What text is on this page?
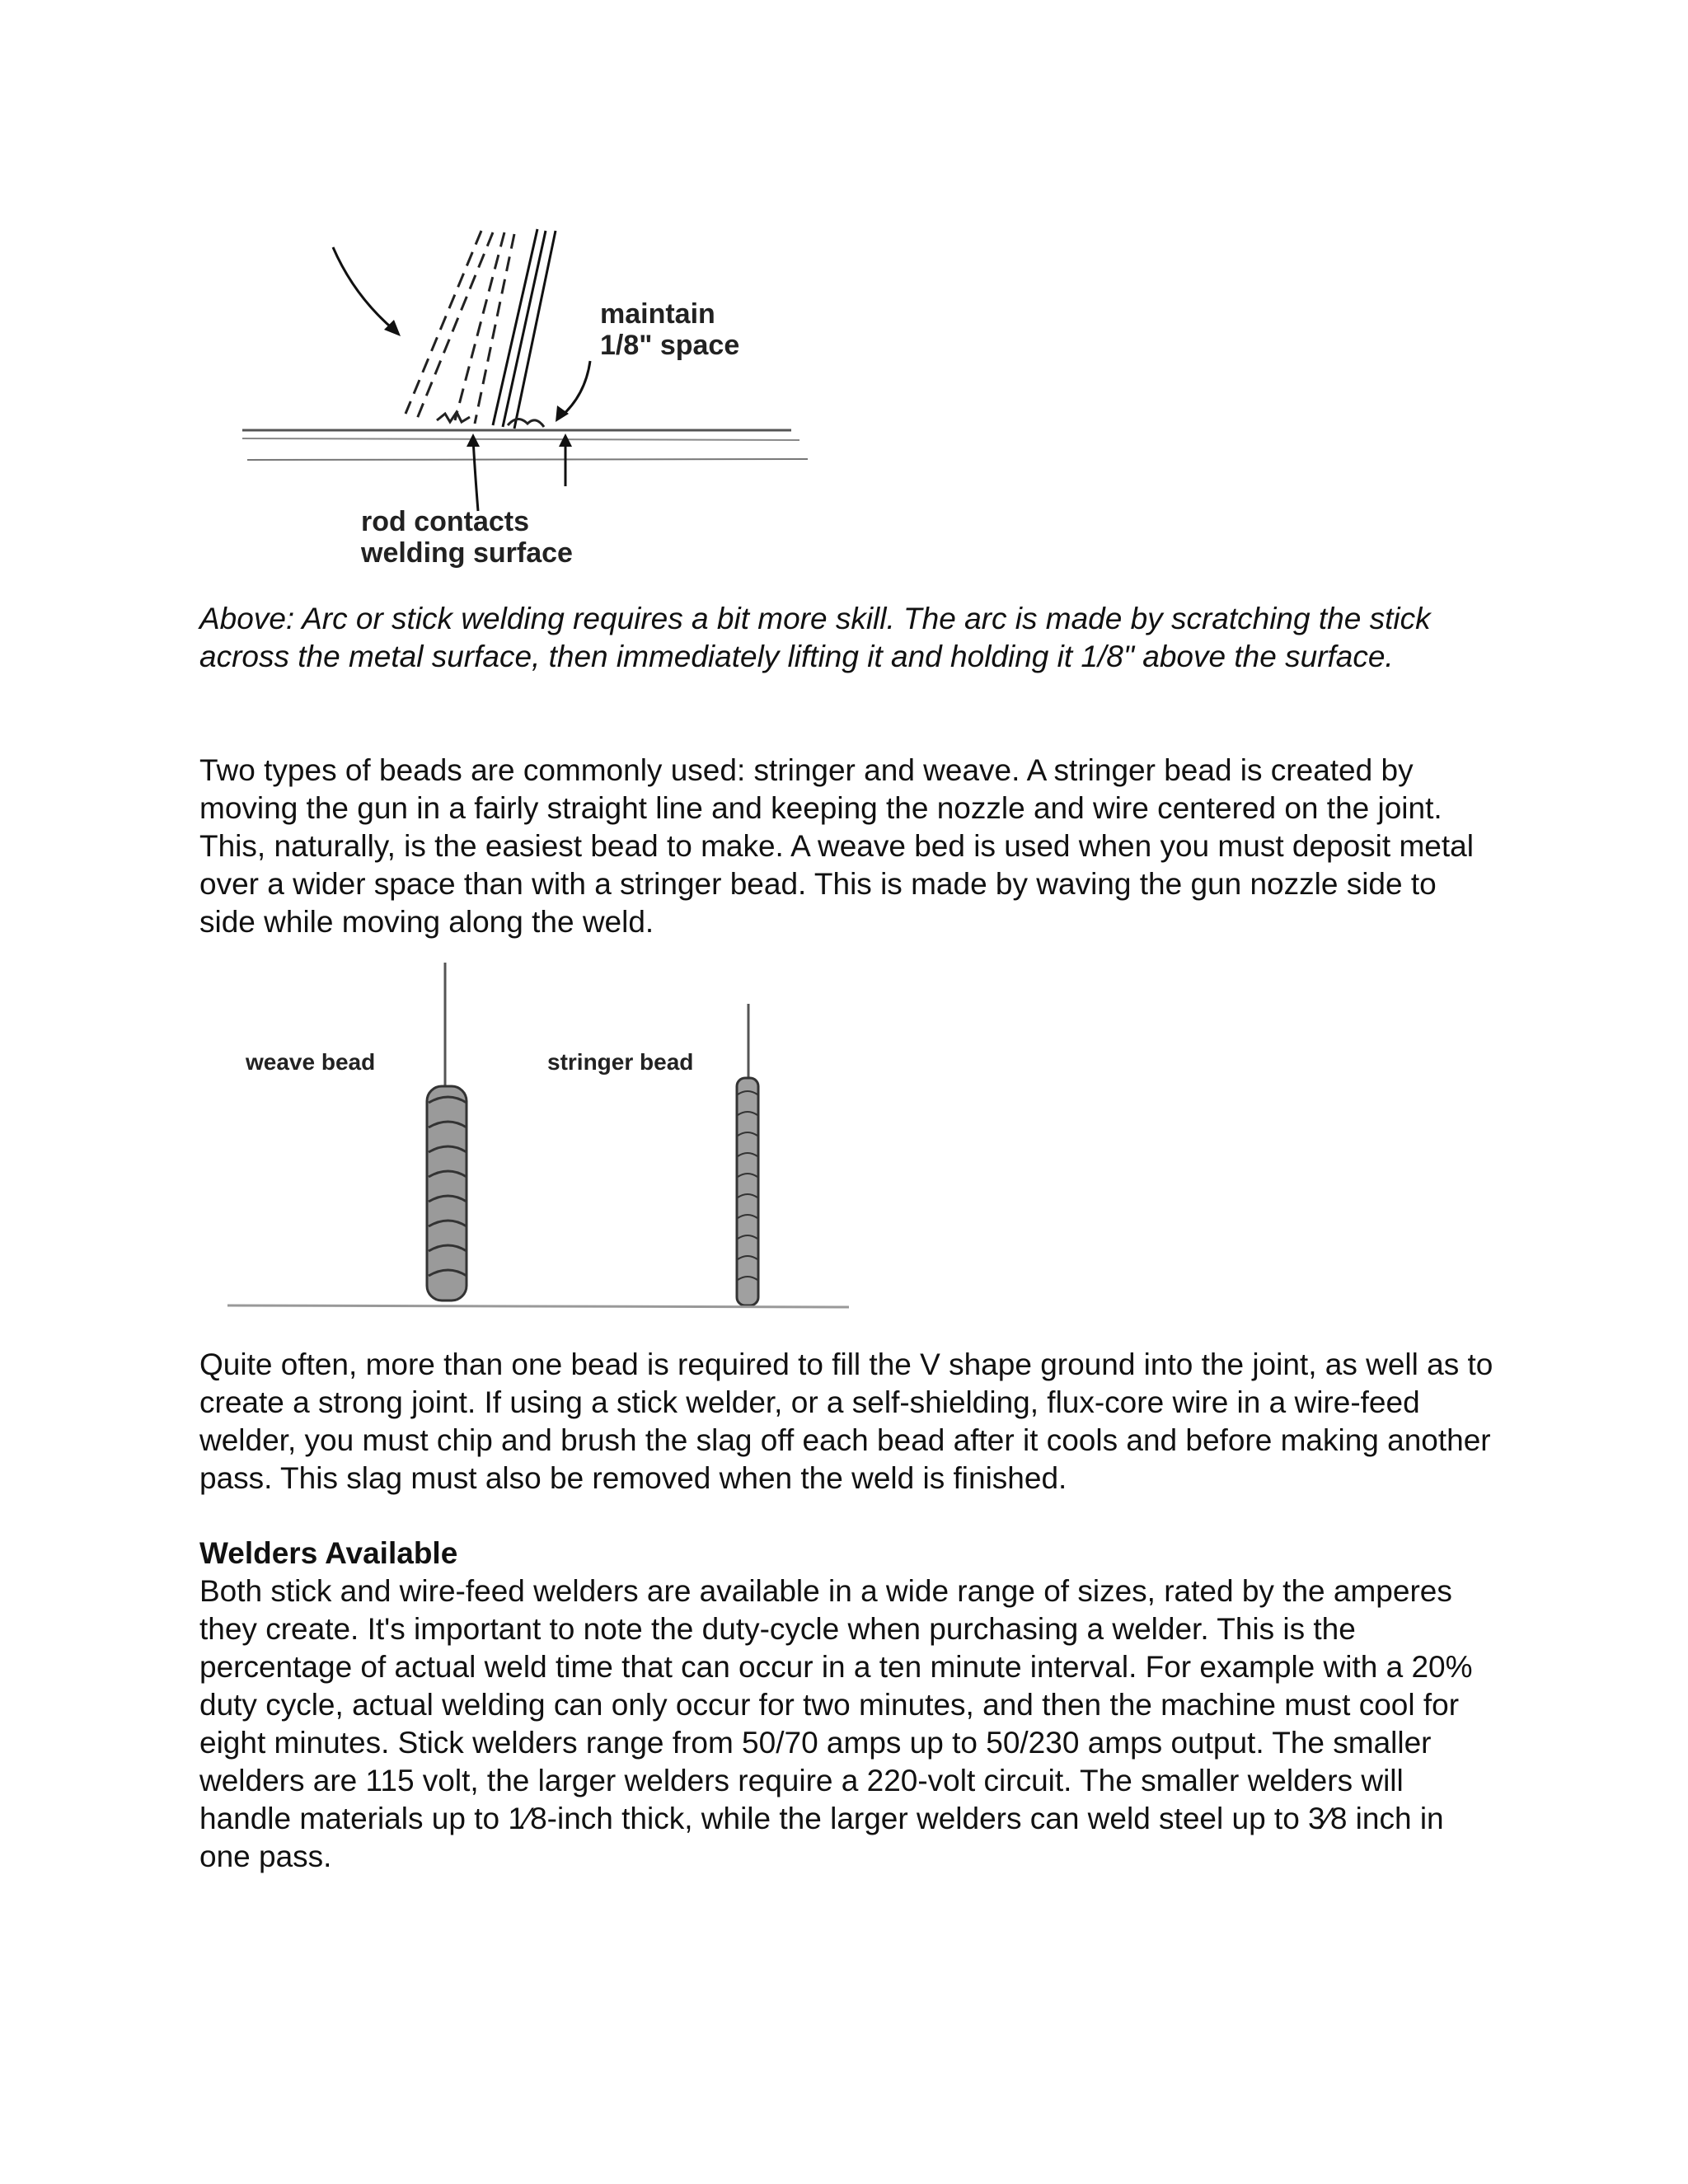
maintain
1/8" space
rod contacts
welding surface

Above: Arc or stick welding requires a bit more skill. The arc is made by scratching the stick across the metal surface, then immediately lifting it and holding it 1/8" above the surface.

Two types of beads are commonly used: stringer and weave. A stringer bead is created by moving the gun in a fairly straight line and keeping the nozzle and wire centered on the joint. This, naturally, is the easiest bead to make. A weave bed is used when you must deposit metal over a wider space than with a stringer bead. This is made by waving the gun nozzle side to side while moving along the weld.

weave bead	stringer bead

Quite often, more than one bead is required to fill the V shape ground into the joint, as well as to create a strong joint. If using a stick welder, or a self-shielding, flux-core wire in a wire-feed welder, you must chip and brush the slag off each bead after it cools and before making another pass. This slag must also be removed when the weld is finished.

Welders Available

Both stick and wire-feed welders are available in a wide range of sizes, rated by the amperes they create. It's important to note the duty-cycle when purchasing a welder. This is the percentage of actual weld time that can occur in a ten minute interval. For example with a 20% duty cycle, actual welding can only occur for two minutes, and then the machine must cool for eight minutes. Stick welders range from 50/70 amps up to 50/230 amps output. The smaller welders are 115 volt, the larger welders require a 220-volt circuit. The smaller welders will handle materials up to 1⁄8-inch thick, while the larger welders can weld steel up to 3⁄8 inch in one pass.
